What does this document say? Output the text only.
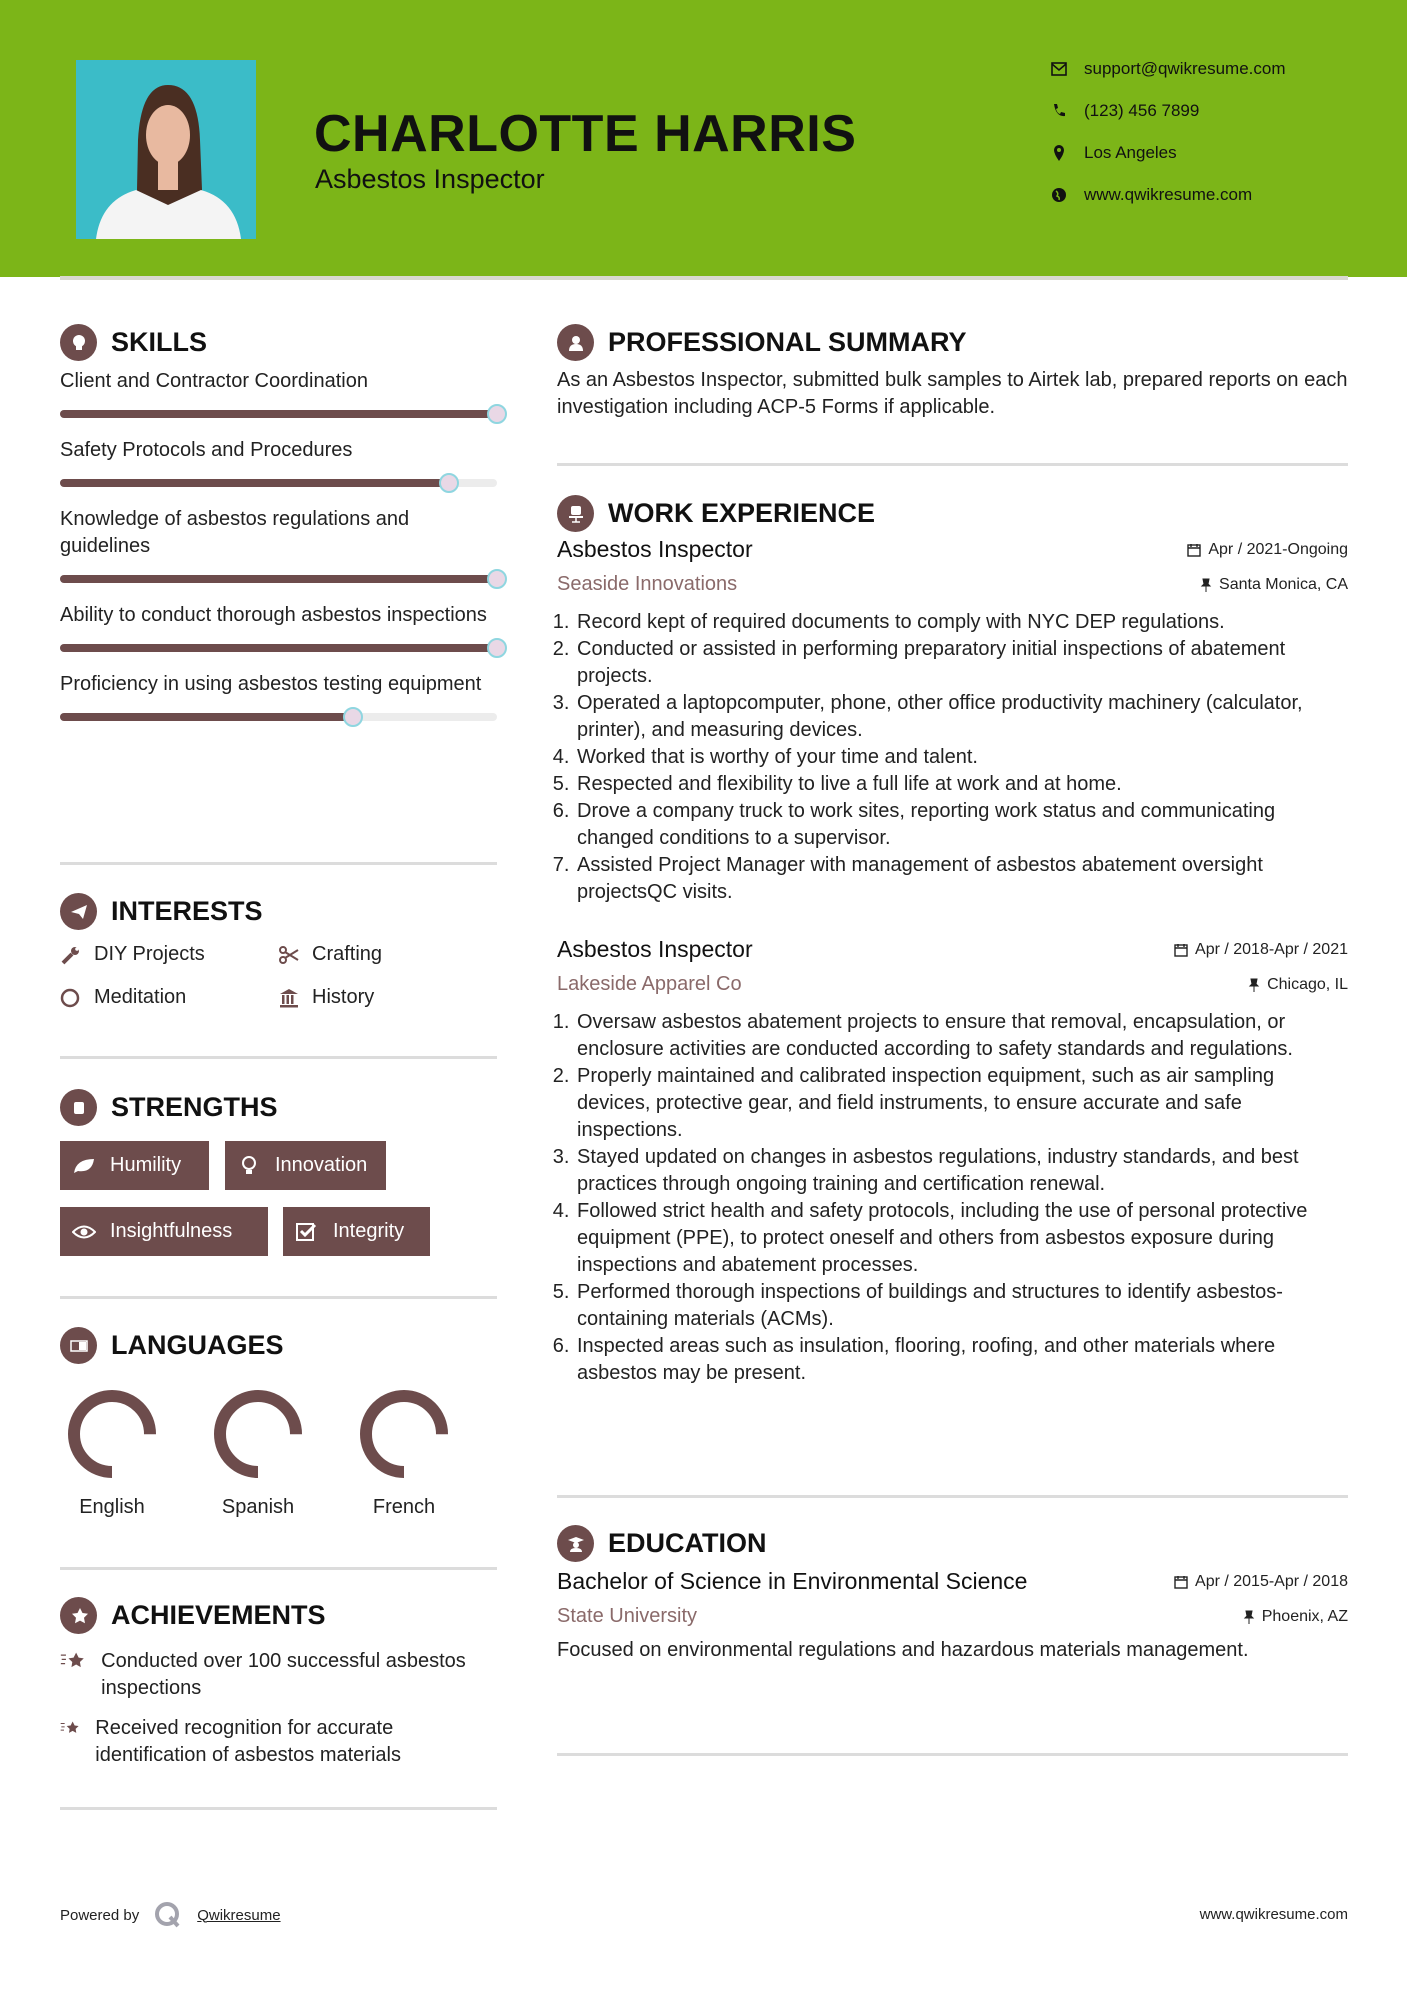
CHARLOTTE HARRIS
Asbestos Inspector
support@qwikresume.com
(123) 456 7899
Los Angeles
www.qwikresume.com
SKILLS
Client and Contractor Coordination
Safety Protocols and Procedures
Knowledge of asbestos regulations and guidelines
Ability to conduct thorough asbestos inspections
Proficiency in using asbestos testing equipment
INTERESTS
DIY Projects	Crafting
Meditation	History
STRENGTHS
Humility	Innovation
Insightfulness	Integrity
LANGUAGES
English	Spanish	French
ACHIEVEMENTS
Conducted over 100 successful asbestos inspections
Received recognition for accurate identification of asbestos materials
PROFESSIONAL SUMMARY

As an Asbestos Inspector, submitted bulk samples to Airtek lab, prepared reports on each investigation including ACP-5 Forms if applicable.

WORK EXPERIENCE
Asbestos Inspector	Apr / 2021-Ongoing
Seaside Innovations	Santa Monica, CA
1. Record kept of required documents to comply with NYC DEP regulations.
2. Conducted or assisted in performing preparatory initial inspections of abatement projects.
3. Operated a laptopcomputer, phone, other office productivity machinery (calculator, printer), and measuring devices.
4. Worked that is worthy of your time and talent.
5. Respected and flexibility to live a full life at work and at home.
6. Drove a company truck to work sites, reporting work status and communicating changed conditions to a supervisor.
7. Assisted Project Manager with management of asbestos abatement oversight projectsQC visits.
Asbestos Inspector	Apr / 2018-Apr / 2021
Lakeside Apparel Co	Chicago, IL
1. Oversaw asbestos abatement projects to ensure that removal, encapsulation, or enclosure activities are conducted according to safety standards and regulations.
2. Properly maintained and calibrated inspection equipment, such as air sampling devices, protective gear, and field instruments, to ensure accurate and safe inspections.
3. Stayed updated on changes in asbestos regulations, industry standards, and best practices through ongoing training and certification renewal.
4. Followed strict health and safety protocols, including the use of personal protective equipment (PPE), to protect oneself and others from asbestos exposure during inspections and abatement processes.
5. Performed thorough inspections of buildings and structures to identify asbestos-containing materials (ACMs).
6. Inspected areas such as insulation, flooring, roofing, and other materials where asbestos may be present.
EDUCATION
Bachelor of Science in Environmental Science	Apr / 2015-Apr / 2018
State University	Phoenix, AZ

Focused on environmental regulations and hazardous materials management.

Powered by	Qwikresume	www.qwikresume.com
